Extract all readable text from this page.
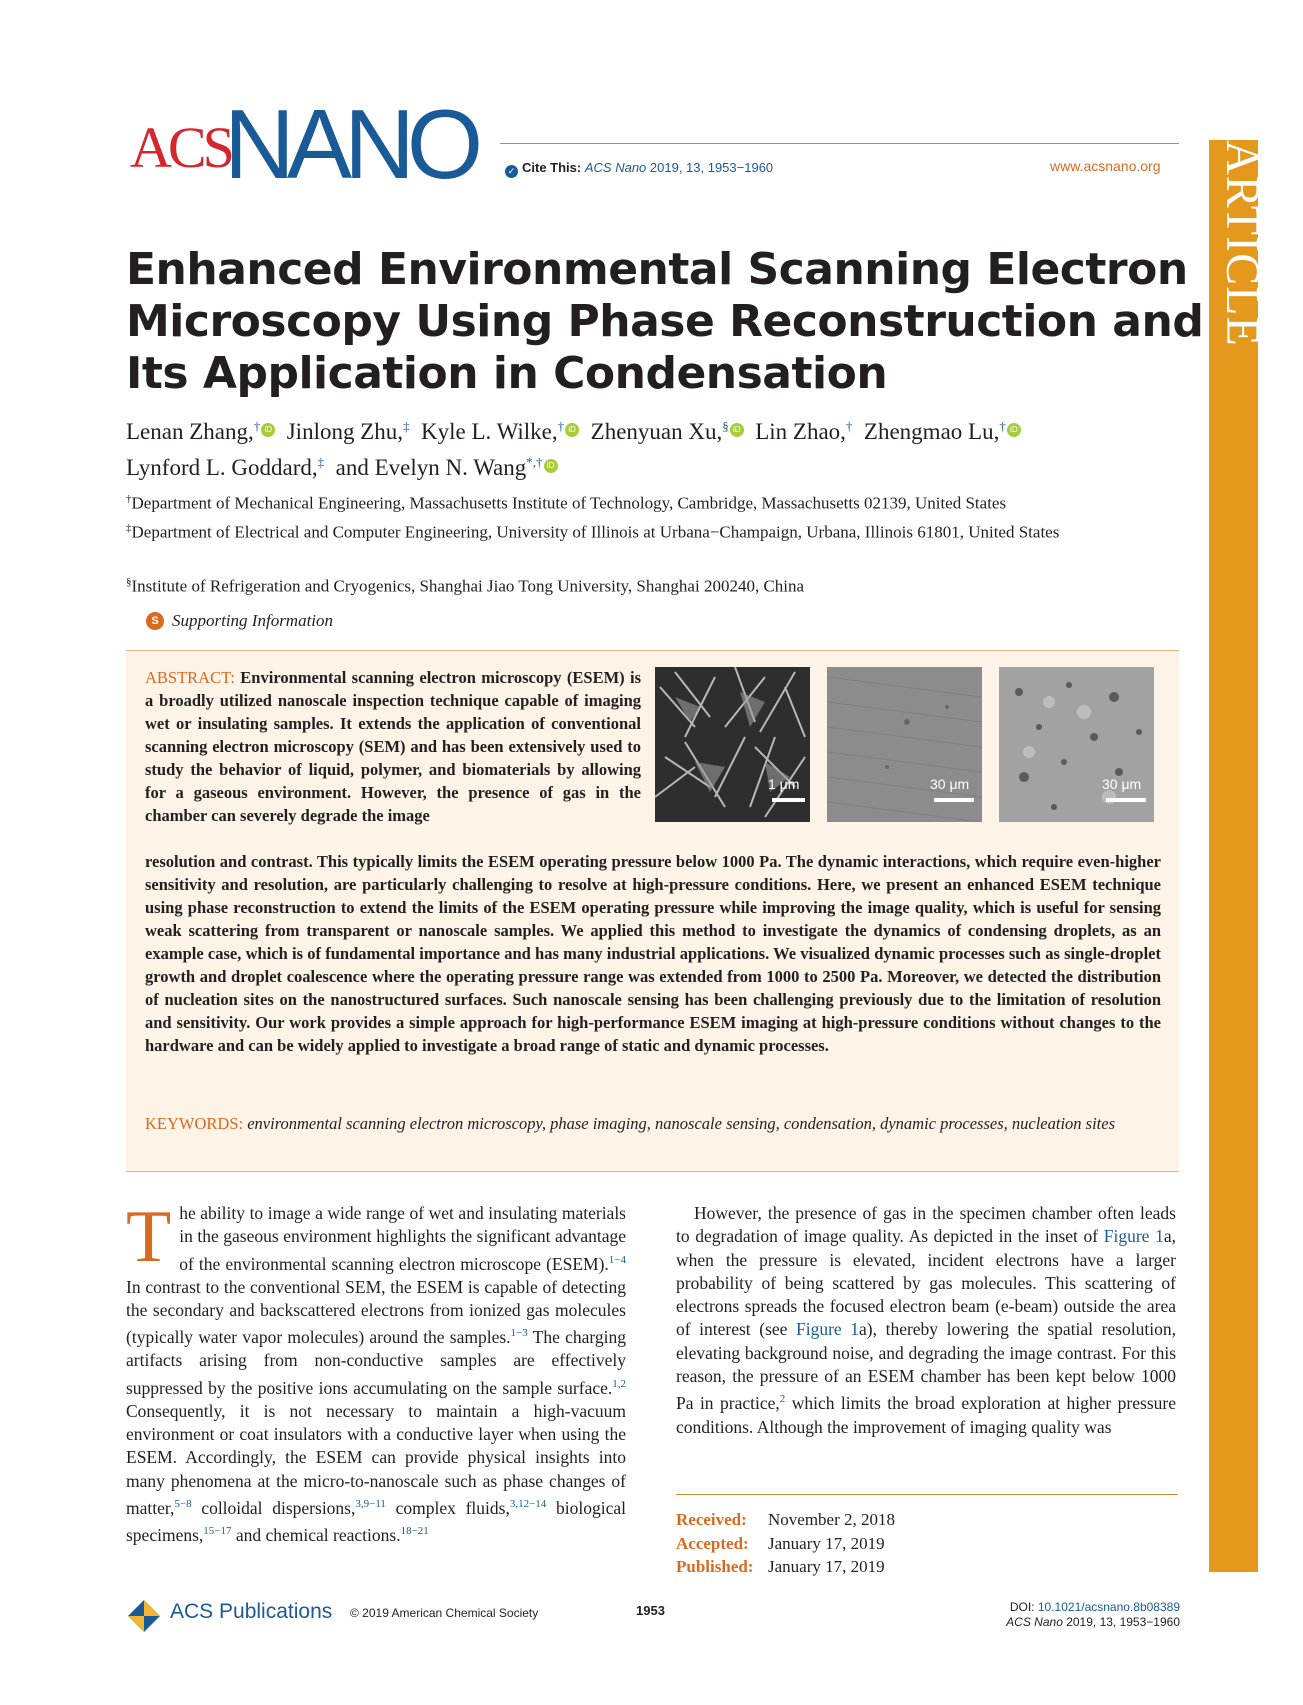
ACS
NANO	✓ Cite This: ACS Nano 2019, 13, 1953−1960	www.acsnano.org ARTICLE
Enhanced Environmental Scanning Electron Microscopy Using Phase Reconstruction and Its Application in Condensation
Lenan Zhang,† iD Jinlong Zhu,‡ Kyle L. Wilke,† iD Zhenyuan Xu,§ iD Lin Zhao,† Zhengmao Lu,† iD
Lynford L. Goddard,‡ and Evelyn N. Wang*,† iD
†Department of Mechanical Engineering, Massachusetts Institute of Technology, Cambridge, Massachusetts 02139, United States
‡Department of Electrical and Computer Engineering, University of Illinois at Urbana−Champaign, Urbana, Illinois 61801, United States
§Institute of Refrigeration and Cryogenics, Shanghai Jiao Tong University, Shanghai 200240, China
S Supporting Information
1 μm	30 μm	30 μm
ABSTRACT: Environmental scanning electron microscopy (ESEM) is a broadly utilized nanoscale inspection technique capable of imaging wet or insulating samples. It extends the application of conventional scanning electron microscopy (SEM) and has been extensively used to study the behavior of liquid, polymer, and biomaterials by allowing for a gaseous environment. However, the presence of gas in the chamber can severely degrade the image
resolution and contrast. This typically limits the ESEM operating pressure below 1000 Pa. The dynamic interactions, which require even-higher sensitivity and resolution, are particularly challenging to resolve at high-pressure conditions. Here, we present an enhanced ESEM technique using phase reconstruction to extend the limits of the ESEM operating pressure while improving the image quality, which is useful for sensing weak scattering from transparent or nanoscale samples. We applied this method to investigate the dynamics of condensing droplets, as an example case, which is of fundamental importance and has many industrial applications. We visualized dynamic processes such as single-droplet growth and droplet coalescence where the operating pressure range was extended from 1000 to 2500 Pa. Moreover, we detected the distribution of nucleation sites on the nanostructured surfaces. Such nanoscale sensing has been challenging previously due to the limitation of resolution and sensitivity. Our work provides a simple approach for high-performance ESEM imaging at high-pressure conditions without changes to the hardware and can be widely applied to investigate a broad range of static and dynamic processes.
KEYWORDS: environmental scanning electron microscopy, phase imaging, nanoscale sensing, condensation, dynamic processes, nucleation sites
The ability to image a wide range of wet and insulating materials in the gaseous environment highlights the significant advantage of the environmental scanning electron microscope (ESEM).$^{1-4}$ In contrast to the conventional SEM, the ESEM is capable of detecting the secondary and backscattered electrons from ionized gas molecules (typically water vapor molecules) around the samples.$^{1-3}$ The charging artifacts arising from non-conductive samples are effectively suppressed by the positive ions accumulating on the sample surface.$^{1,2}$ Consequently, it is not necessary to maintain a high-vacuum environment or coat insulators with a conductive layer when using the ESEM. Accordingly, the ESEM can provide physical insights into many phenomena at the micro-to-nanoscale such as phase changes of matter,$^{5-8}$ colloidal dispersions,$^{3,9-11}$ complex fluids,$^{3,12-14}$ biological specimens,$^{15-17}$ and chemical reactions.$^{18-21}$
However, the presence of gas in the specimen chamber often leads to degradation of image quality. As depicted in the inset of Figure 1a, when the pressure is elevated, incident electrons have a larger probability of being scattered by gas molecules. This scattering of electrons spreads the focused electron beam (e-beam) outside the area of interest (see Figure 1a), thereby lowering the spatial resolution, elevating background noise, and degrading the image contrast. For this reason, the pressure of an ESEM chamber has been kept below 1000 Pa in practice,$^2$ which limits the broad exploration at higher pressure conditions. Although the improvement of imaging quality was
Received: November 2, 2018
Accepted: January 17, 2019
Published: January 17, 2019
ACS Publications © 2019 American Chemical Society	1953	DOI: 10.1021/acsnano.8b08389
ACS Nano 2019, 13, 1953−1960
